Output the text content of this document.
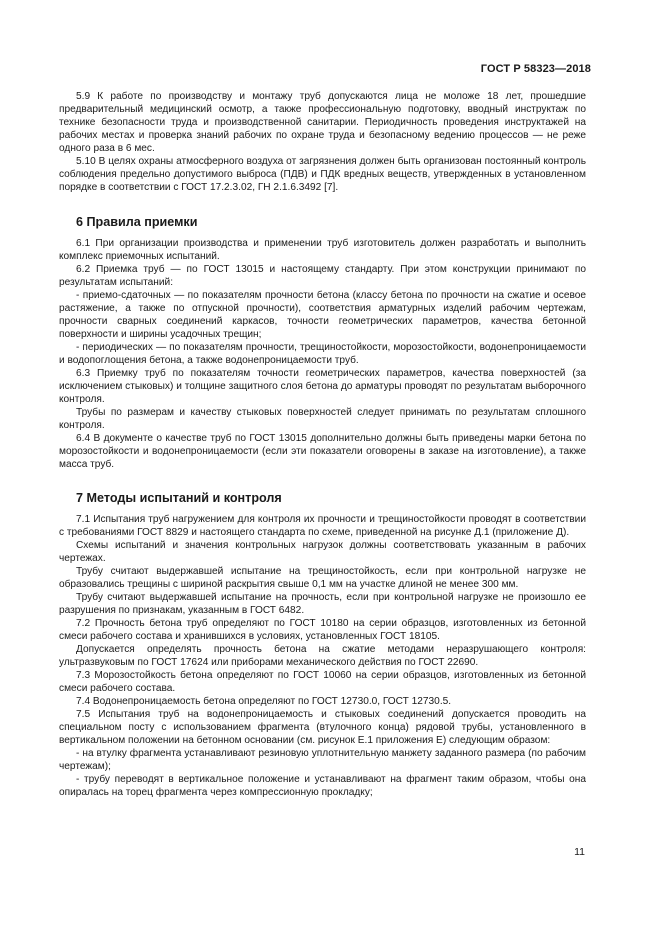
ГОСТ Р 58323—2018
5.9 К работе по производству и монтажу труб допускаются лица не моложе 18 лет, прошедшие предварительный медицинский осмотр, а также профессиональную подготовку, вводный инструктаж по технике безопасности труда и производственной санитарии. Периодичность проведения инструктажей на рабочих местах и проверка знаний рабочих по охране труда и безопасному ведению процессов — не реже одного раза в 6 мес.
5.10 В целях охраны атмосферного воздуха от загрязнения должен быть организован постоянный контроль соблюдения предельно допустимого выброса (ПДВ) и ПДК вредных веществ, утвержденных в установленном порядке в соответствии с ГОСТ 17.2.3.02, ГН 2.1.6.3492 [7].
6 Правила приемки
6.1 При организации производства и применении труб изготовитель должен разработать и выполнить комплекс приемочных испытаний.
6.2 Приемка труб — по ГОСТ 13015 и настоящему стандарту. При этом конструкции принимают по результатам испытаний:
- приемо-сдаточных — по показателям прочности бетона (классу бетона по прочности на сжатие и осевое растяжение, а также по отпускной прочности), соответствия арматурных изделий рабочим чертежам, прочности сварных соединений каркасов, точности геометрических параметров, качества бетонной поверхности и ширины усадочных трещин;
- периодических — по показателям прочности, трещиностойкости, морозостойкости, водонепроницаемости и водопоглощения бетона, а также водонепроницаемости труб.
6.3 Приемку труб по показателям точности геометрических параметров, качества поверхностей (за исключением стыковых) и толщине защитного слоя бетона до арматуры проводят по результатам выборочного контроля.
Трубы по размерам и качеству стыковых поверхностей следует принимать по результатам сплошного контроля.
6.4 В документе о качестве труб по ГОСТ 13015 дополнительно должны быть приведены марки бетона по морозостойкости и водонепроницаемости (если эти показатели оговорены в заказе на изготовление), а также масса труб.
7 Методы испытаний и контроля
7.1 Испытания труб нагружением для контроля их прочности и трещиностойкости проводят в соответствии с требованиями ГОСТ 8829 и настоящего стандарта по схеме, приведенной на рисунке Д.1 (приложение Д).
Схемы испытаний и значения контрольных нагрузок должны соответствовать указанным в рабочих чертежах.
Трубу считают выдержавшей испытание на трещиностойкость, если при контрольной нагрузке не образовались трещины с шириной раскрытия свыше 0,1 мм на участке длиной не менее 300 мм.
Трубу считают выдержавшей испытание на прочность, если при контрольной нагрузке не произошло ее разрушения по признакам, указанным в ГОСТ 6482.
7.2 Прочность бетона труб определяют по ГОСТ 10180 на серии образцов, изготовленных из бетонной смеси рабочего состава и хранившихся в условиях, установленных ГОСТ 18105.
Допускается определять прочность бетона на сжатие методами неразрушающего контроля: ультразвуковым по ГОСТ 17624 или приборами механического действия по ГОСТ 22690.
7.3 Морозостойкость бетона определяют по ГОСТ 10060 на серии образцов, изготовленных из бетонной смеси рабочего состава.
7.4 Водонепроницаемость бетона определяют по ГОСТ 12730.0, ГОСТ 12730.5.
7.5 Испытания труб на водонепроницаемость и стыковых соединений допускается проводить на специальном посту с использованием фрагмента (втулочного конца) рядовой трубы, установленного в вертикальном положении на бетонном основании (см. рисунок Е.1 приложения Е) следующим образом:
- на втулку фрагмента устанавливают резиновую уплотнительную манжету заданного размера (по рабочим чертежам);
- трубу переводят в вертикальное положение и устанавливают на фрагмент таким образом, чтобы она опиралась на торец фрагмента через компрессионную прокладку;
11
